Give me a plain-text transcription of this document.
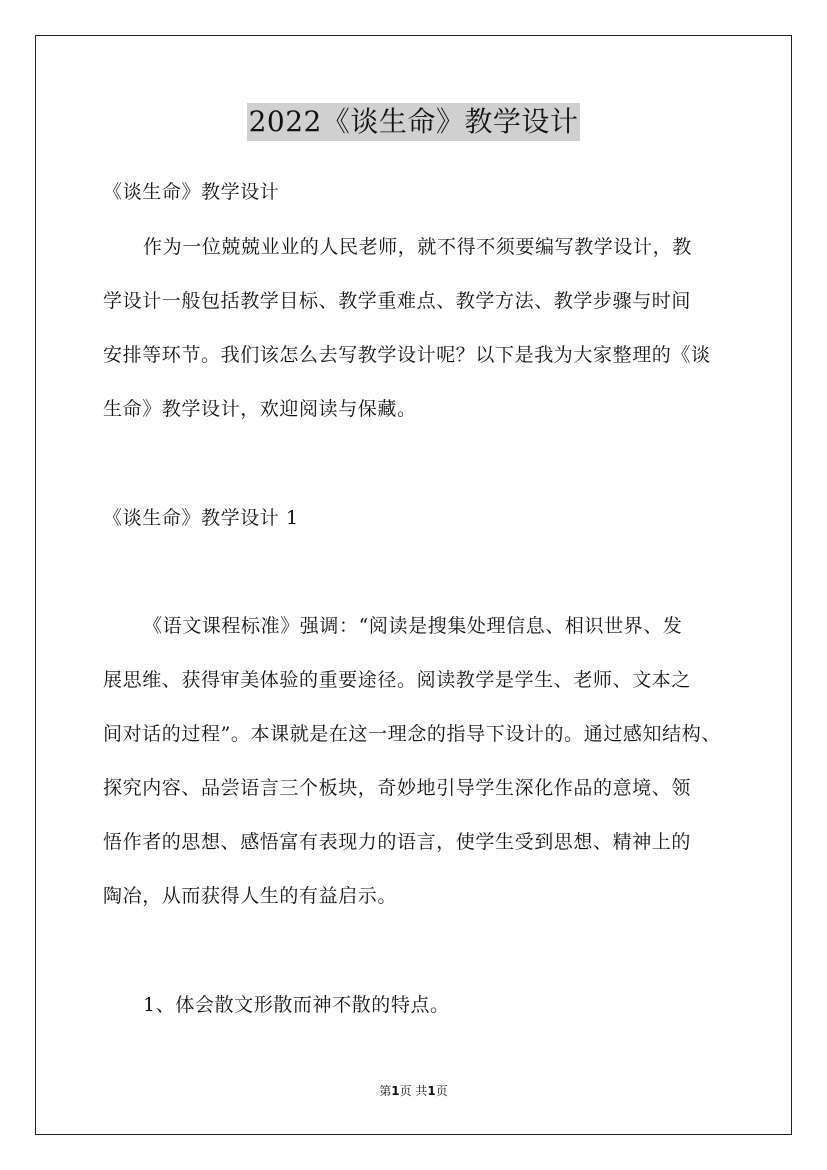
2022《谈生命》教学设计
《谈生命》教学设计
作为一位兢兢业业的人民老师，就不得不须要编写教学设计，教
学设计一般包括教学目标、教学重难点、教学方法、教学步骤与时间
安排等环节。我们该怎么去写教学设计呢？以下是我为大家整理的《谈
生命》教学设计，欢迎阅读与保藏。
《谈生命》教学设计 1
《语文课程标准》强调：“阅读是搜集处理信息、相识世界、发
展思维、获得审美体验的重要途径。阅读教学是学生、老师、文本之
间对话的过程”。本课就是在这一理念的指导下设计的。通过感知结构、
探究内容、品尝语言三个板块，奇妙地引导学生深化作品的意境、领
悟作者的思想、感悟富有表现力的语言，使学生受到思想、精神上的
陶冶，从而获得人生的有益启示。
1、体会散文形散而神不散的特点。
第1页 共1页
